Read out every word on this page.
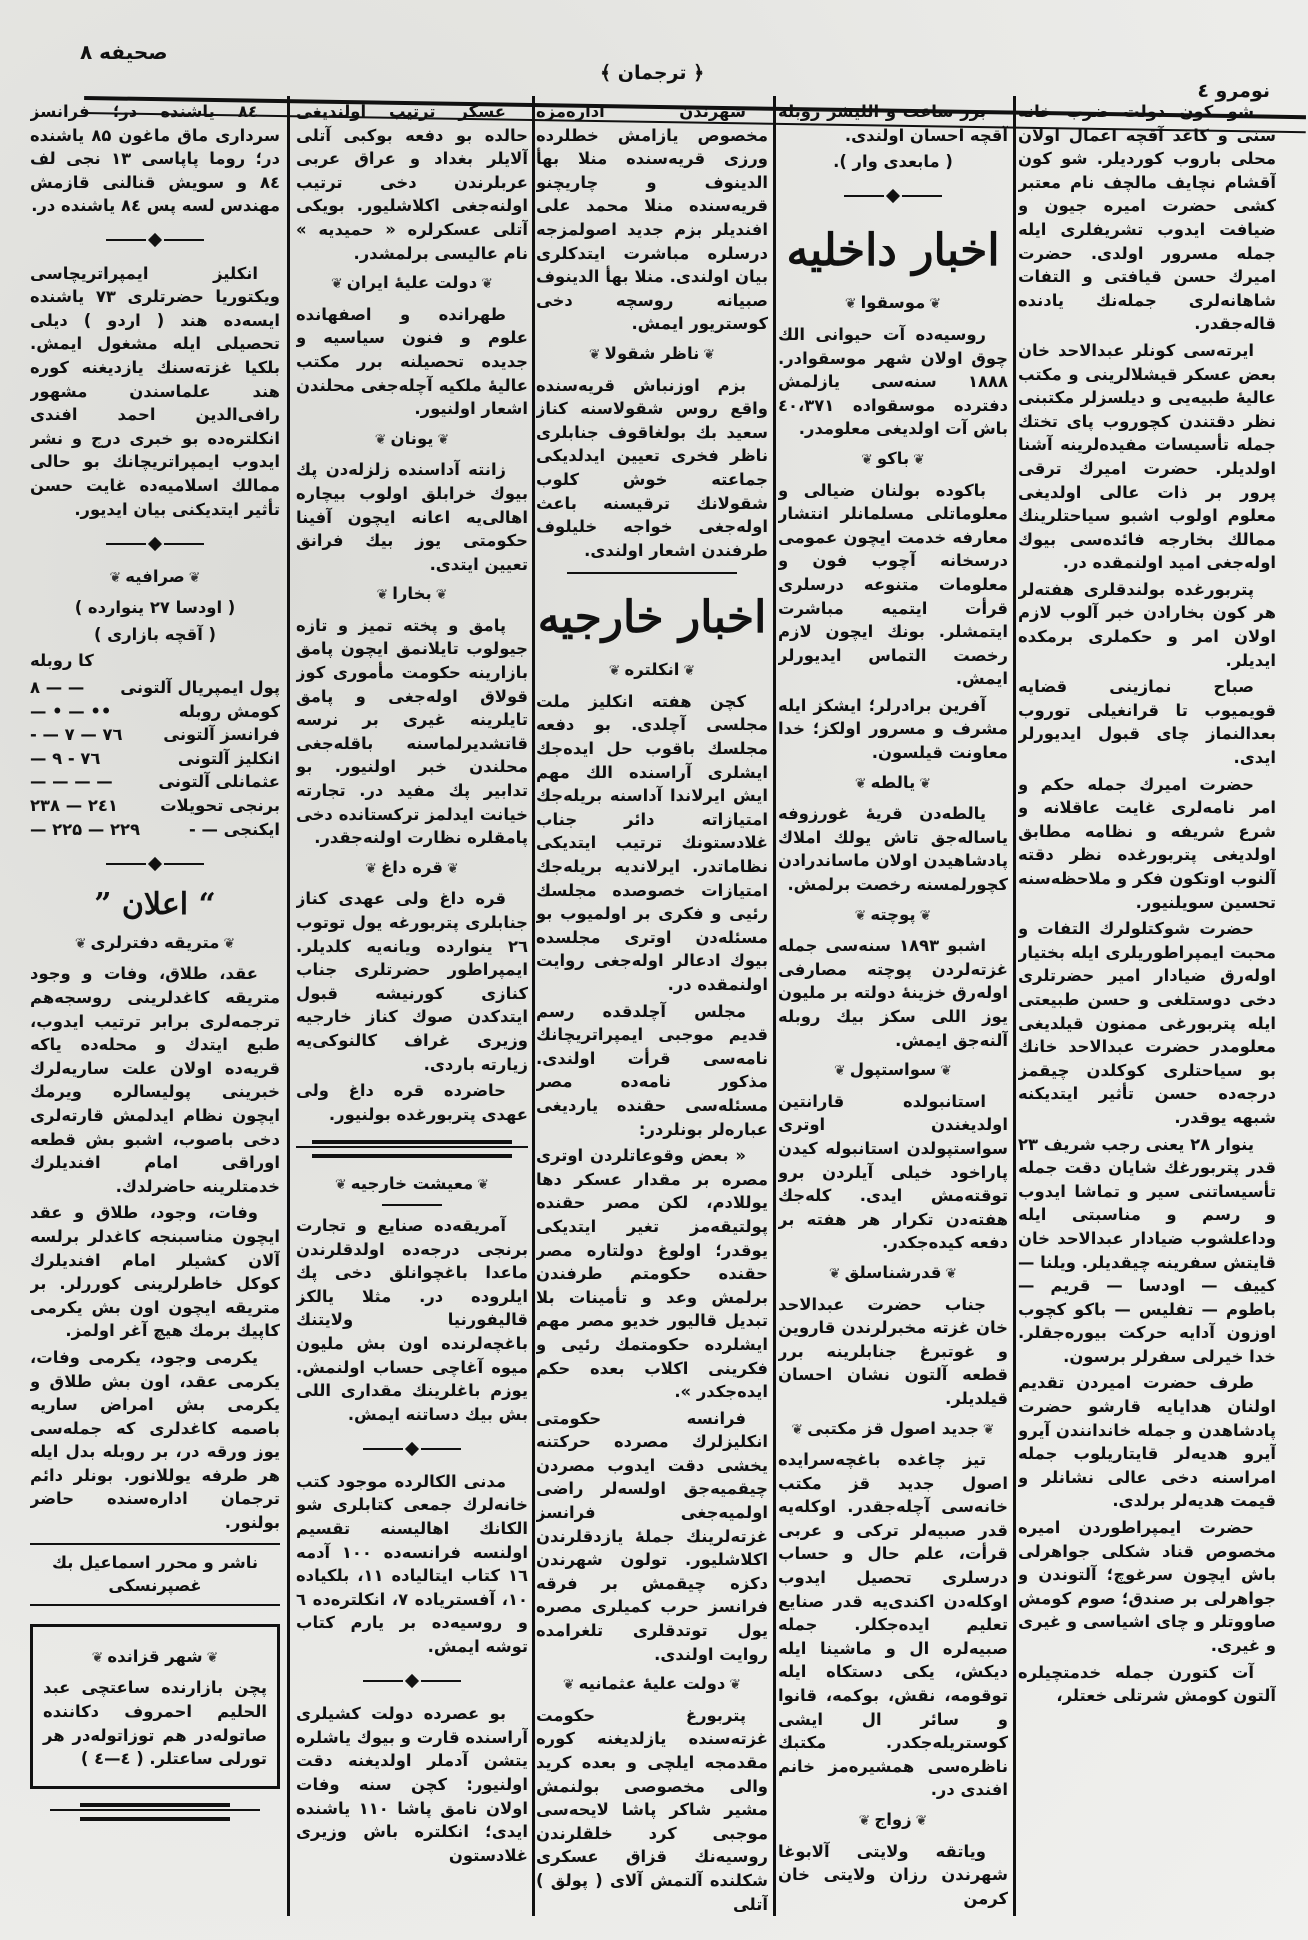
صحیفه ۸
﴿ ترجمان ﴾
نومرو ٤

شو کون دولت ضرب خانه سنی و کاغد آقچه اعمال اولان محلی باروب کوردیلر. شو کون آقشام نچایف مالچف نام معتبر کشی حضرت امیره جیون و ضیافت ایدوب تشریفلری ایله جمله مسرور اولدی. حضرت امیرك حسن قیافتی و التفات شاهانه‌لری جمله‌نك یادنده قاله‌جقدر.

ایرته‌سی کونلر عبدالاحد خان بعض عسکر قیشلالرینی و مکتب عالیهٔ طبیه‌یی و دیلسزلر مکتبنی نظر دقتندن کچوروب پای تختك جمله تأسیسات مفیده‌لرینه آشنا اولدیلر. حضرت امیرك ترقی پرور بر ذات عالی اولدیغی معلوم اولوب اشبو سیاحتلرینك ممالك بخارجه فائده‌سی بیوك اوله‌جغی امید اولنمقده در.

پتربورغده بولندقلری هفته‌لر هر کون بخارادن خبر آلوب لازم اولان امر و حکملری برمکده ایدیلر.

صباح نمازینی قضایه قویمیوب تا قرانغیلی توروب بعدالنماز چای قبول ایدیورلر ایدی.

حضرت امیرك جمله حکم و امر نامه‌لری غایت عاقلانه و شرع شریفه و نظامه مطابق اولدیغی پتربورغده نظر دقته آلنوب اوتکون فکر و ملاحظه‌سنه تحسین سویلنیور.

حضرت شوکتلولرك التفات و محبت ایمپراطوریلری ایله بختیار اوله‌رق ضیادار امیر حضرتلری دخی دوستلغی و حسن طبیعتی ایله پتربورغی ممنون قیلدیغی معلومدر حضرت عبدالاحد خانك بو سیاحتلری کوکلدن چیقمز درجه‌ده حسن تأثیر ایتدیکنه شبهه یوقدر.

ینوار ۲۸ یعنی رجب شریف ۲۳ قدر پتربورغك شایان دقت جمله تأسیساتنی سیر و تماشا ایدوب و رسم و مناسبتی ایله وداعلشوب ضیادار عبدالاحد خان قایتش سفرینه چیقدیلر. ویلنا — کییف — اودسا — قریم — باطوم — تفلیس — باکو کچوب اوزون آدایه حرکت بیوره‌جقلر. خدا خیرلی سفرلر برسون.

طرف حضرت امیردن تقدیم اولنان هدایایه قارشو حضرت پادشاهدن و جمله خاندانندن آیرو آیرو هدیه‌لر قایتاریلوب جمله امراسنه دخی عالی نشانلر و قیمت هدیه‌لر برلدی.

حضرت ایمپراطوردن امیره مخصوص قناد شکلی جواهرلی باش ایچون سرغوچ؛ آلتوندن و جواهرلی بر صندق؛ صوم کومش صاووتلر و چای اشیاسی و غیری و غیری.

آت کتورن جمله خدمتچیلره آلتون کومش شرتلی خعتلر،

برر ساعت و اللیشر روبله آقچه احسان اولندی.

( مابعدی وار ).

اخبار داخلیه
❦موسقوا❦

روسیه‌ده آت حیوانی الك چوق اولان شهر موسقوادر. ۱۸۸۸ سنه‌سی یازلمش دفترده موسقواده ٤٠،۳۷۱ باش آت اولدیغی معلومدر.

❦باکو❦

باکوده بولنان ضیالی و معلوماتلی مسلمانلر انتشار معارفه خدمت ایچون عمومی درسخانه آچوب فون و معلومات متنوعه درسلری قرأت ایتمیه مباشرت ایتمشلر. بونك ایچون لازم رخصت التماس ایدیورلر ایمش.

آفرین برادرلر؛ ایشکز ایله مشرف و مسرور اولکز؛ خدا معاونت قیلسون.

❦یالطه❦

یالطه‌دن قریهٔ غورزوفه یاساله‌جق تاش یولك املاك پادشاهیدن اولان ماساندرادن کچورلمسنه رخصت برلمش.

❦پوچته❦

اشبو ۱۸۹۳ سنه‌سی جمله غزته‌لردن پوچته مصارفی اوله‌رق خزینهٔ دولته بر ملیون یوز اللی سکز بیك روبله آلنه‌جق ایمش.

❦سواستپول❦

استانبولده قارانتین اولدیغندن اوتری سواستپولدن استانبوله کیدن پاراخود خیلی آیلردن برو توقته‌مش ایدی. کله‌جك هفته‌دن تکرار هر هفته بر دفعه کیده‌جکدر.

❦قدرشناسلق❦

جناب حضرت عبدالاحد خان غزته مخبرلرندن قاروین و غوتبرغ جنابلرینه برر قطعه آلتون نشان احسان قیلدیلر.

❦جدید اصول قز مکتبی❦

تیز چاغده باغچه‌سرایده اصول جدید قز مکتب خانه‌سی آچله‌جقدر. اوکله‌یه قدر صبیه‌لر ترکی و عربی قرأت، علم حال و حساب درسلری تحصیل ایدوب اوکله‌دن اکندی‌یه قدر صنایع تعلیم ایده‌جکلر. جمله صبیه‌لره ال و ماشینا ایله دیکش، یکی دستکاه ایله توقومه، نقش، بوکمه، قانوا و سائر ال ایشی کوستریله‌جکدر. مکتبك ناظره‌سی همشیره‌مز خانم افندی در.

❦زواج❦

ویاتقه ولایتی آلابوغا شهرندن رزان ولایتی خان کرمن

شهرندن اداره‌مزه مخصوص یازامش خطلرده ورزی قریه‌سنده منلا بهأ الدینوف و چاریچنو قریه‌سنده منلا محمد علی افندیلر بزم جدید اصولمزجه درسلره مباشرت ایتدکلری بیان اولندی. منلا بهأ الدینوف صبیانه روسچه دخی کوستریور ایمش.

❦ناظر شقولا❦

بزم اوزنباش قریه‌سنده واقع روس شقولاسنه کناز سعید بك بولغاقوف جنابلری ناظر فخری تعیین ایدلدیکی جماعته خوش کلوب شقولانك ترقیسنه باعث اوله‌جغی خواجه خلیلوف طرفندن اشعار اولندی.

اخبار خارجیه
❦انکلتره❦

کچن هفته انکلیز ملت مجلسی آچلدی. بو دفعه مجلسك باقوب حل ایده‌جك ایشلری آراسنده الك مهم ایش ایرلاندا آداسنه بریله‌جك امتیازاته دائر جناب غلادستونك ترتیب ایتدیکی نظاماتدر. ایرلاندیه بریله‌جك امتیازات خصوصده مجلسك رئیی و فکری بر اولمیوب بو مسئله‌دن اوتری مجلسده بیوك ادعالر اوله‌جغی روایت اولنمقده در.

مجلس آچلدقده رسم قدیم موجبی ایمپراتریچانك نامه‌سی قرأت اولندی. مذکور نامه‌ده مصر مسئله‌سی حقنده یاردیغی عباره‌لر بونلردر:

« بعض وقوعاتلردن اوتری مصره بر مقدار عسکر دها یوللادم، لکن مصر حقنده پولتیقه‌مز تغیر ایتدیکی یوقدر؛ اولوغ دولتاره مصر حقنده حکومتم طرفندن برلمش وعد و تأمینات بلا تبدیل قالیور خدیو مصر مهم ایشلرده حکومتمك رئیی و فکرینی اکلاب بعده حکم ایده‌جکدر ».

فرانسه حکومتی انکلیزلرك مصرده حرکتنه یخشی دقت ایدوب مصردن چیقمیه‌جق اولسه‌لر راضی اولمیه‌جغی فرانسز غزته‌لرینك جملهٔ یازدقلرندن اکلاشلیور. تولون شهرندن دکزه چیقمش بر فرقه فرانسز حرب کمیلری مصره یول توتدقلری تلغرامده روایت اولندی.

❦دولت علیهٔ عثمانیه❦

پتربورغ حکومت غزته‌سنده یازلدیغنه کوره مقدمجه ایلچی و بعده کرید والی مخصوصی بولنمش مشیر شاکر پاشا لایحه‌سی موجبی کرد خلقلرندن روسیه‌نك قزاق عسکری شکلنده آلتمش آلای ( پولق ) آتلی

عسکر ترتیب اولندیغی حالده بو دفعه بوکبی آتلی آلایلر بغداد و عراق عربی عربلرندن دخی ترتیب اولنه‌جغی اکلاشلیور. بویکی آتلی عسکرلره « حمیدیه » نام عالیسی برلمشدر.

❦دولت علیهٔ ایران❦

طهرانده و اصفهانده علوم و فنون سیاسیه و جدیده تحصیلنه برر مکتب عالیهٔ ملکیه آچله‌جغی محلندن اشعار اولنیور.

❦یونان❦

زانته آداسنده زلزله‌دن پك بیوك خرابلق اولوب بیچاره اهالی‌یه اعانه ایچون آفینا حکومتی یوز بیك فرانق تعیین ایتدی.

❦بخارا❦

پامق و پخته تمیز و تازه جیولوب تایلانمق ایچون پامق بازارینه حکومت مأموری کوز قولاق اوله‌جغی و پامق تایلرینه غیری بر نرسه قاتشدیرلماسنه باقله‌جغی محلندن خبر اولنیور. بو تدابیر پك مفید در. تجارته خیانت ایدلمز ترکستانده دخی پامقلره نظارت اولنه‌جقدر.

❦قره داغ❦

قره داغ ولی عهدی کناز جنابلری پتربورغه یول توتوب ۲٦ ینوارده ویانه‌یه کلدیلر. ایمپراطور حضرتلری جناب کنازی کورنیشه قبول ایتدکدن صوك کناز خارجیه وزیری غراف کالنوکی‌یه زیارته باردی.

حاضرده قره داغ ولی عهدی پتربورغده بولنیور.

❦معیشت خارجیه❦

آمریقه‌ده صنایع و تجارت برنجی درجه‌ده اولدقلرندن ماعدا باغچوانلق دخی پك ایلروده در. مثلا یالکز قالیفورنیا ولایتنك باغچه‌لرنده اون بش ملیون میوه آغاچی حساب اولنمش. یوزم باغلرینك مقداری اللی بش بیك دساتنه ایمش.

مدنی الکالرده موجود کتب خانه‌لرك جمعی کتابلری شو الکانك اهالیسنه تقسیم اولنسه فرانسه‌ده ۱۰۰ آدمه ۱٦ کتاب ایتالیاده ۱۱، بلکیاده ۱۰، آفستریاده ۷، انکلتره‌ده ٦ و روسیه‌ده بر یارم کتاب توشه ایمش.

بو عصرده دولت کشیلری آراسنده قارت و بیوك یاشلره یتشن آدملر اولدیغنه دقت اولنیور: کچن سنه وفات اولان نامق پاشا ۱۱۰ یاشنده ایدی؛ انکلتره باش وزیری غلادستون

۸٤ یاشنده در؛ فرانسز سرداری ماق ماغون ۸۵ یاشنده در؛ روما پاپاسی ۱۳ نجی لف ۸٤ و سویش قنالنی قازمش مهندس لسه پس ۸٤ یاشنده در.

انکلیز ایمپراتریچاسی ویکتوریا حضرتلری ۷۳ یاشنده ایسه‌ده هند ( اردو ) دیلی تحصیلی ایله مشغول ایمش. بلکیا غزته‌سنك یازدیغنه کوره هند علماسندن مشهور رافی‌الدین احمد افندی انکلتره‌ده بو خبری درج و نشر ایدوب ایمپراتریچانك بو حالی ممالك اسلامیه‌ده غایت حسن تأثیر ایتدیکنی بیان ایدیور.

❦صرافیه❦

( اودسا ۲۷ ینوارده )

( آقچه بازاری )

کا روبله

پول ایمپریال آلتونی
— — ۸
کومش روبله
•• — • —
فرانسز آلتونی
۷٦ — ۷ — -
انکلیز آلتونی
۷٦ - ۹ —
عثمانلی آلتونی
— — — —
برنجی تحویلات
۲٤۱ — ۲۳۸
ایکنجی — -
۲۲۹ — ۲۲۵ —
“ اعلان ”
❦متریقه دفترلری❦

عقد، طلاق، وفات و وجود متریقه کاغدلرینی روسجه‌هم ترجمه‌لری برابر ترتیب ایدوب، طبع ایتدك و محله‌ده یاکه قریه‌ده اولان علت ساریه‌لرك خبرینی پولیسالره ویرمك ایچون نظام ایدلمش قارته‌لری دخی باصوب، اشبو بش قطعه اوراقی امام افندیلرك خدمتلرینه حاضرلدك.

وفات، وجود، طلاق و عقد ایچون مناسبنجه کاغدلر برلسه آلان کشیلر امام افندیلرك کوکل خاطرلرینی کوررلر. بر متریقه ایچون اون بش یکرمی کاپیك برمك هیچ آغر اولمز.

یکرمی وجود، یکرمی وفات، یکرمی عقد، اون بش طلاق و یکرمی بش امراض ساریه باصمه کاغدلری که جمله‌سی یوز ورقه در، بر روبله بدل ایله هر طرفه یوللانور. بونلر دائم ترجمان اداره‌سنده حاضر بولنور.

ناشر و محرر اسماعیل بك غصپرنسکی
❦شهر قزانده❦

پچن بازارنده ساعتچی عبد الحلیم احمروف دکاننده صاتوله‌در هم توزاتوله‌در هر تورلی ساعتلر. ( ٤—٤ )
